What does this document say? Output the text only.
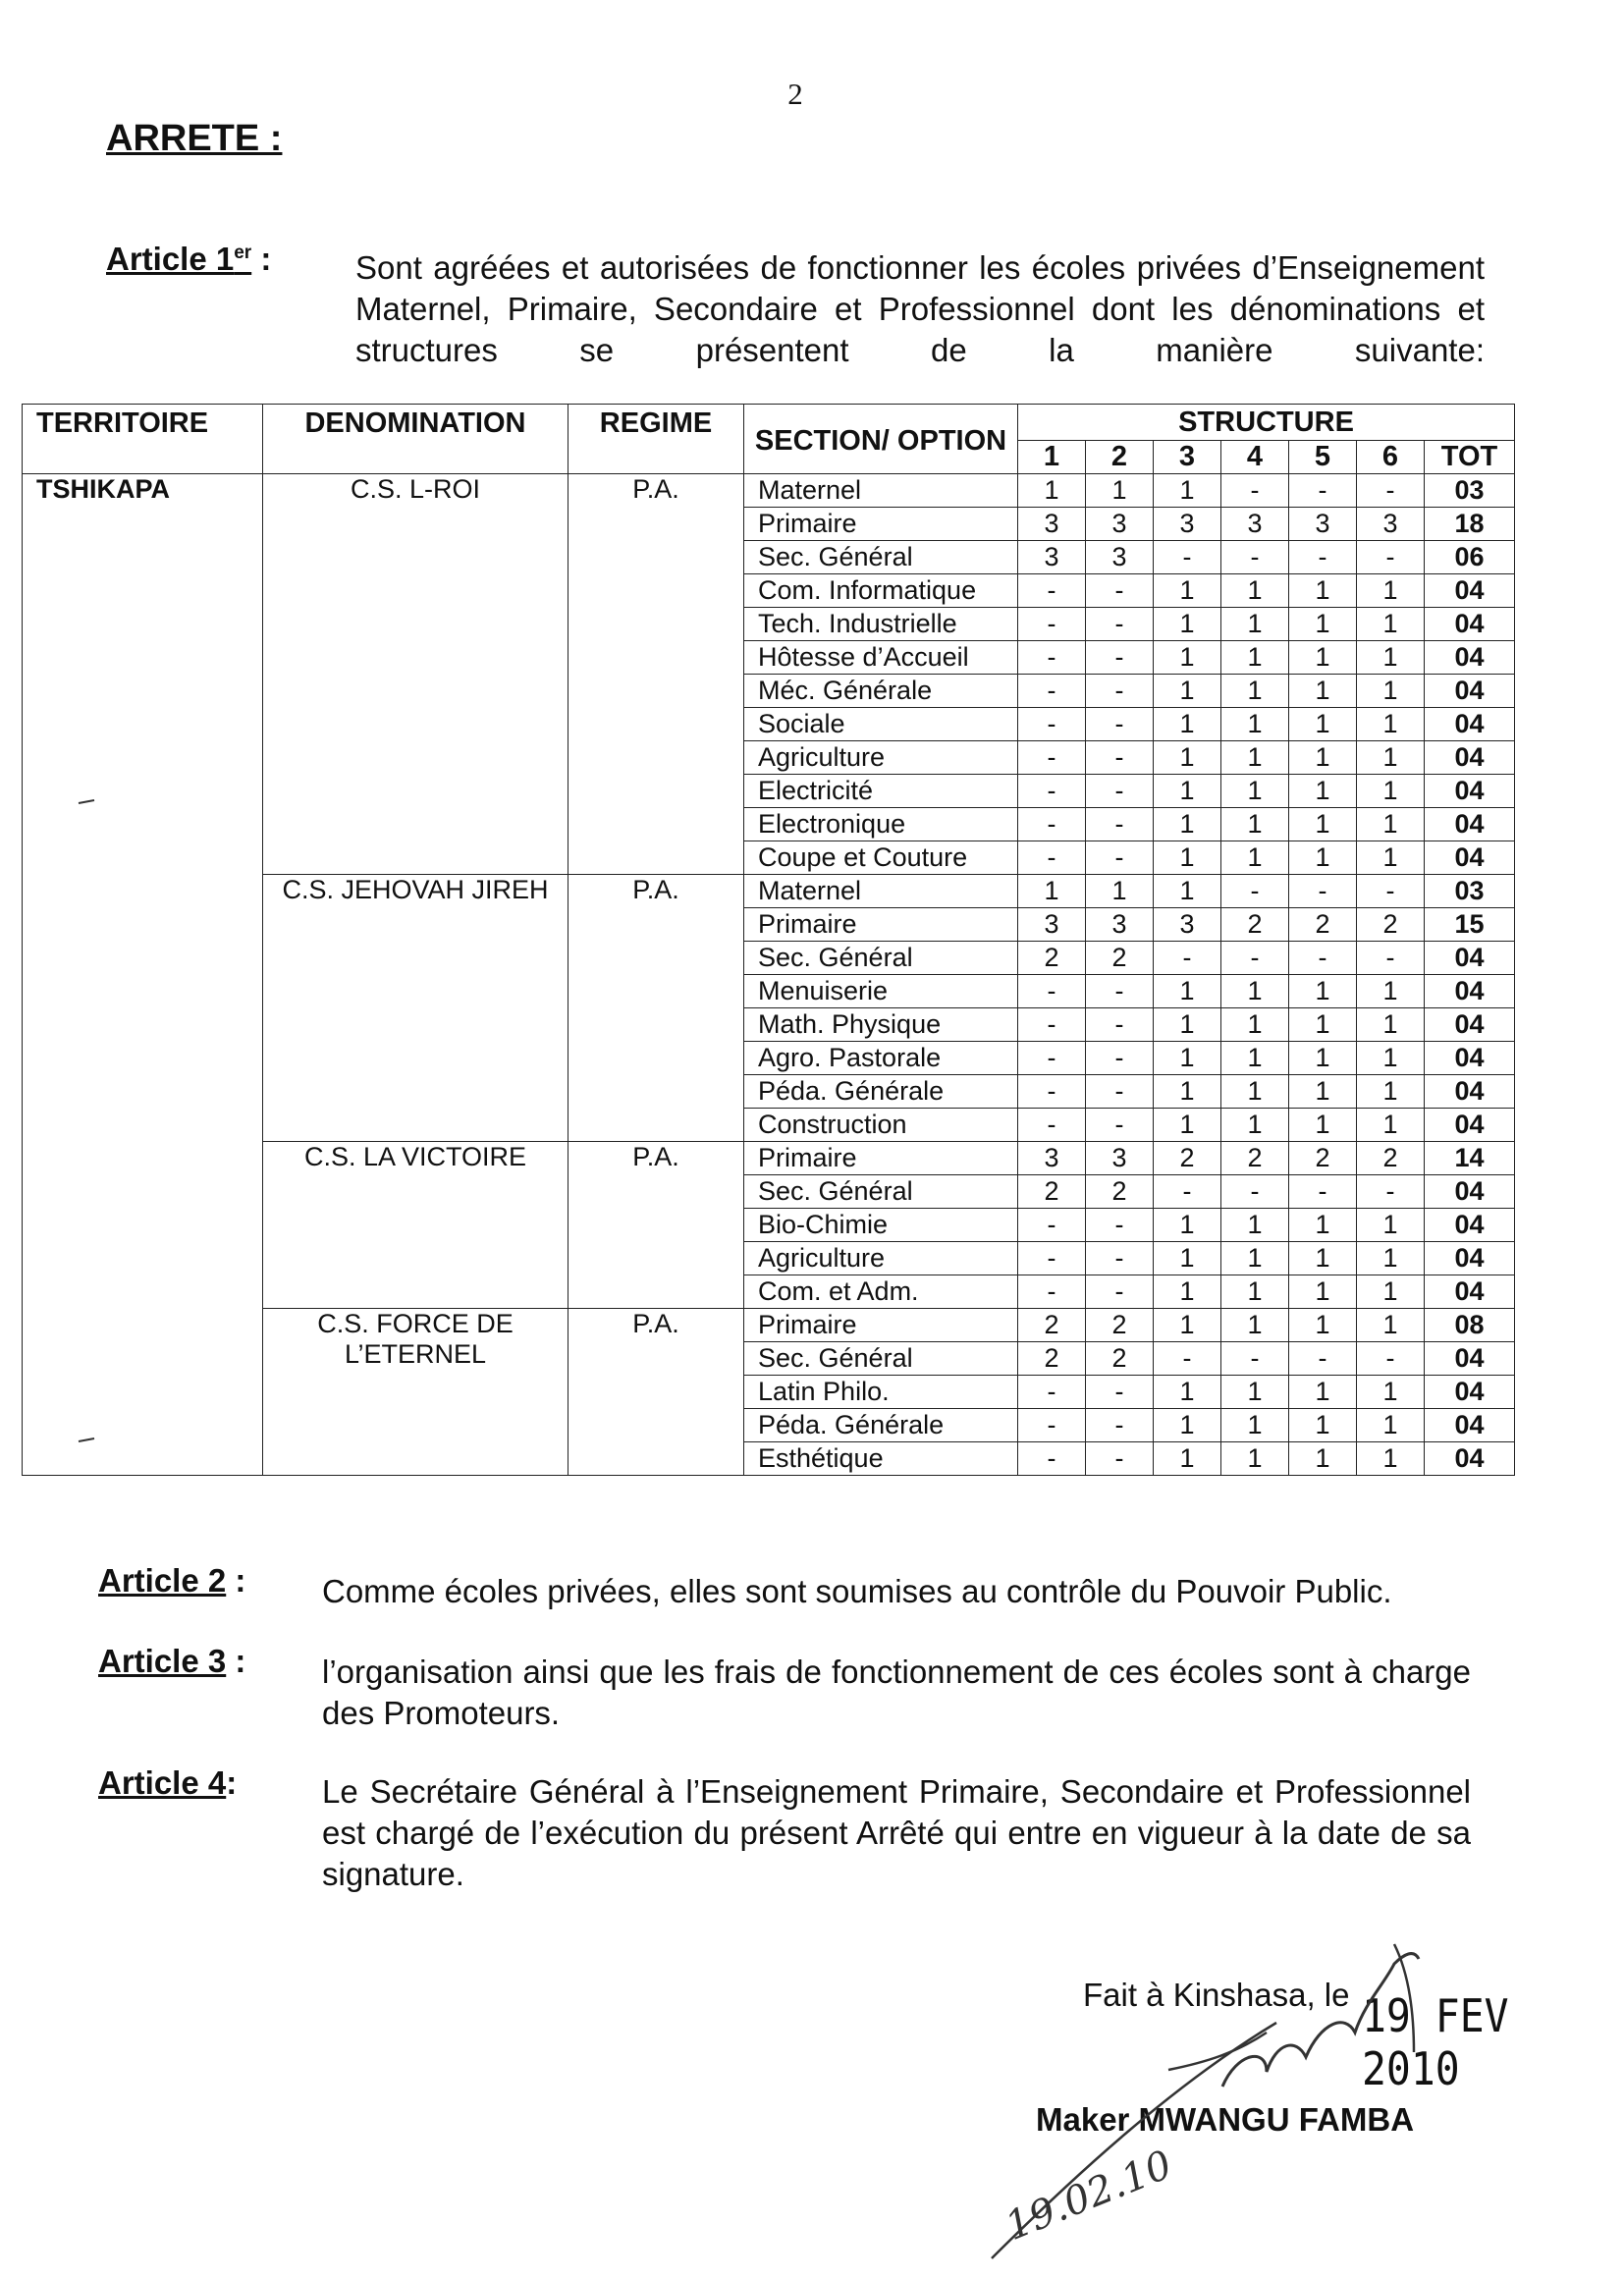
2
ARRETE :
Article 1er :	Sont agréées et autorisées de fonctionner les écoles privées d’Enseignement Maternel, Primaire, Secondaire et Professionnel dont les dénominations et structures se présentent de la manière suivante:
TERRITOIRE	DENOMINATION	REGIME	SECTION/ OPTION	STRUCTURE						
				1	2	3	4	5	6	TOT
TSHIKAPA	C.S. L-ROI	P.A.	Maternel	1	1	1	-	-	-	03
			Primaire	3	3	3	3	3	3	18
			Sec. Général	3	3	-	-	-	-	06
			Com. Informatique	-	-	1	1	1	1	04
			Tech. Industrielle	-	-	1	1	1	1	04
			Hôtesse d’Accueil	-	-	1	1	1	1	04
			Méc. Générale	-	-	1	1	1	1	04
			Sociale	-	-	1	1	1	1	04
			Agriculture	-	-	1	1	1	1	04
			Electricité	-	-	1	1	1	1	04
			Electronique	-	-	1	1	1	1	04
			Coupe et Couture	-	-	1	1	1	1	04
	C.S. JEHOVAH JIREH	P.A.	Maternel	1	1	1	-	-	-	03
			Primaire	3	3	3	2	2	2	15
			Sec. Général	2	2	-	-	-	-	04
			Menuiserie	-	-	1	1	1	1	04
			Math. Physique	-	-	1	1	1	1	04
			Agro. Pastorale	-	-	1	1	1	1	04
			Péda. Générale	-	-	1	1	1	1	04
			Construction	-	-	1	1	1	1	04
	C.S. LA VICTOIRE	P.A.	Primaire	3	3	2	2	2	2	14
			Sec. Général	2	2	-	-	-	-	04
			Bio-Chimie	-	-	1	1	1	1	04
			Agriculture	-	-	1	1	1	1	04
			Com. et Adm.	-	-	1	1	1	1	04
	C.S. FORCE DE L’ETERNEL	P.A.	Primaire	2	2	1	1	1	1	08
			Sec. Général	2	2	-	-	-	-	04
			Latin Philo.	-	-	1	1	1	1	04
			Péda. Générale	-	-	1	1	1	1	04
			Esthétique	-	-	1	1	1	1	04
Article 2 : Comme écoles privées, elles sont soumises au contrôle du Pouvoir Public.
Article 3 : l’organisation ainsi que les frais de fonctionnement de ces écoles sont à charge des Promoteurs.
Article 4:	Le Secrétaire Général à l’Enseignement Primaire, Secondaire et Professionnel est chargé de l’exécution du présent Arrêté qui entre en vigueur à la date de sa signature.
Fait à Kinshasa, le 19 FEV 2010
Maker MWANGU FAMBA
19.02.10
